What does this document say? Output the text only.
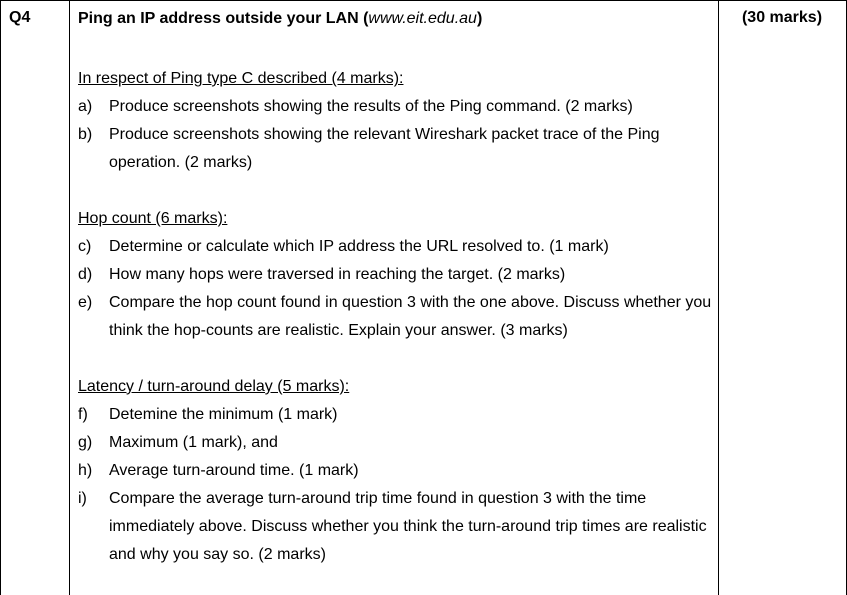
Q4	(30 marks)
Ping an IP address outside your LAN (www.eit.edu.au)
In respect of Ping type C described (4 marks):
a) Produce screenshots showing the results of the Ping command. (2 marks)
b) Produce screenshots showing the relevant Wireshark packet trace of the Ping operation. (2 marks)
Hop count (6 marks):
c) Determine or calculate which IP address the URL resolved to. (1 mark)
d) How many hops were traversed in reaching the target. (2 marks)
e) Compare the hop count found in question 3 with the one above. Discuss whether you think the hop-counts are realistic. Explain your answer. (3 marks)
Latency / turn-around delay (5 marks):
f) Detemine the minimum (1 mark)
g) Maximum (1 mark), and
h) Average turn-around time. (1 mark)
i) Compare the average turn-around trip time found in question 3 with the time immediately above. Discuss whether you think the turn-around trip times are realistic and why you say so. (2 marks)
